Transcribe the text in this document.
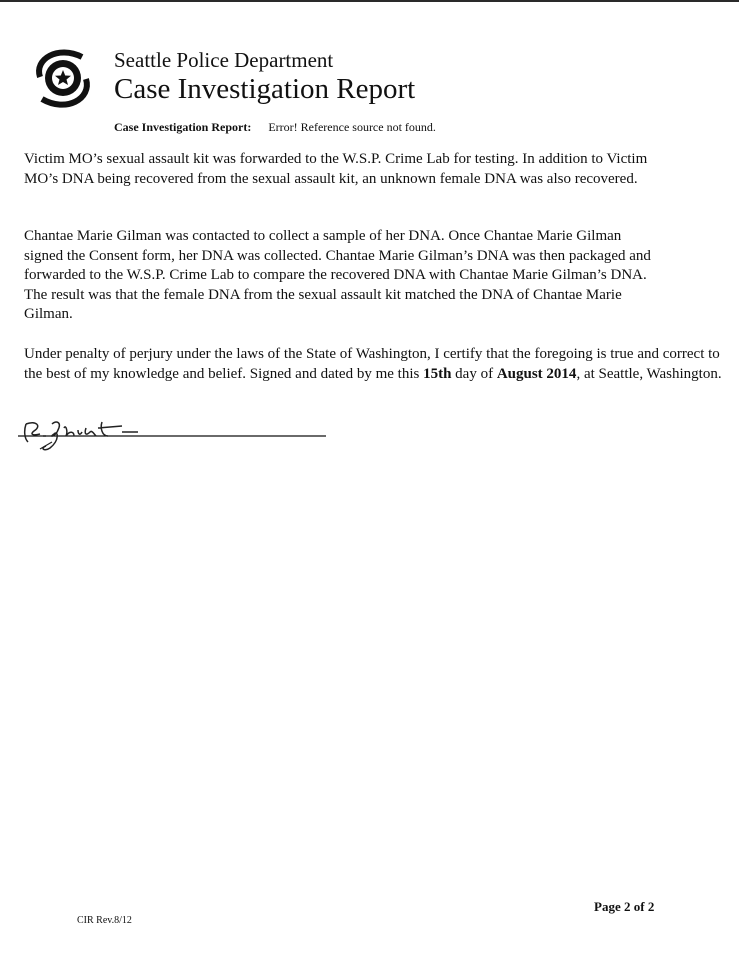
Seattle Police Department
Case Investigation Report
Case Investigation Report: Error! Reference source not found.
Victim MO’s sexual assault kit was forwarded to the W.S.P. Crime Lab for testing. In addition to Victim MO’s DNA being recovered from the sexual assault kit, an unknown female DNA was also recovered.
Chantae Marie Gilman was contacted to collect a sample of her DNA. Once Chantae Marie Gilman signed the Consent form, her DNA was collected. Chantae Marie Gilman’s DNA was then packaged and forwarded to the W.S.P. Crime Lab to compare the recovered DNA with Chantae Marie Gilman’s DNA. The result was that the female DNA from the sexual assault kit matched the DNA of Chantae Marie Gilman.
Under penalty of perjury under the laws of the State of Washington, I certify that the foregoing is true and correct to the best of my knowledge and belief. Signed and dated by me this 15th day of August 2014, at Seattle, Washington.
CIR Rev.8/12
Page 2 of 2
